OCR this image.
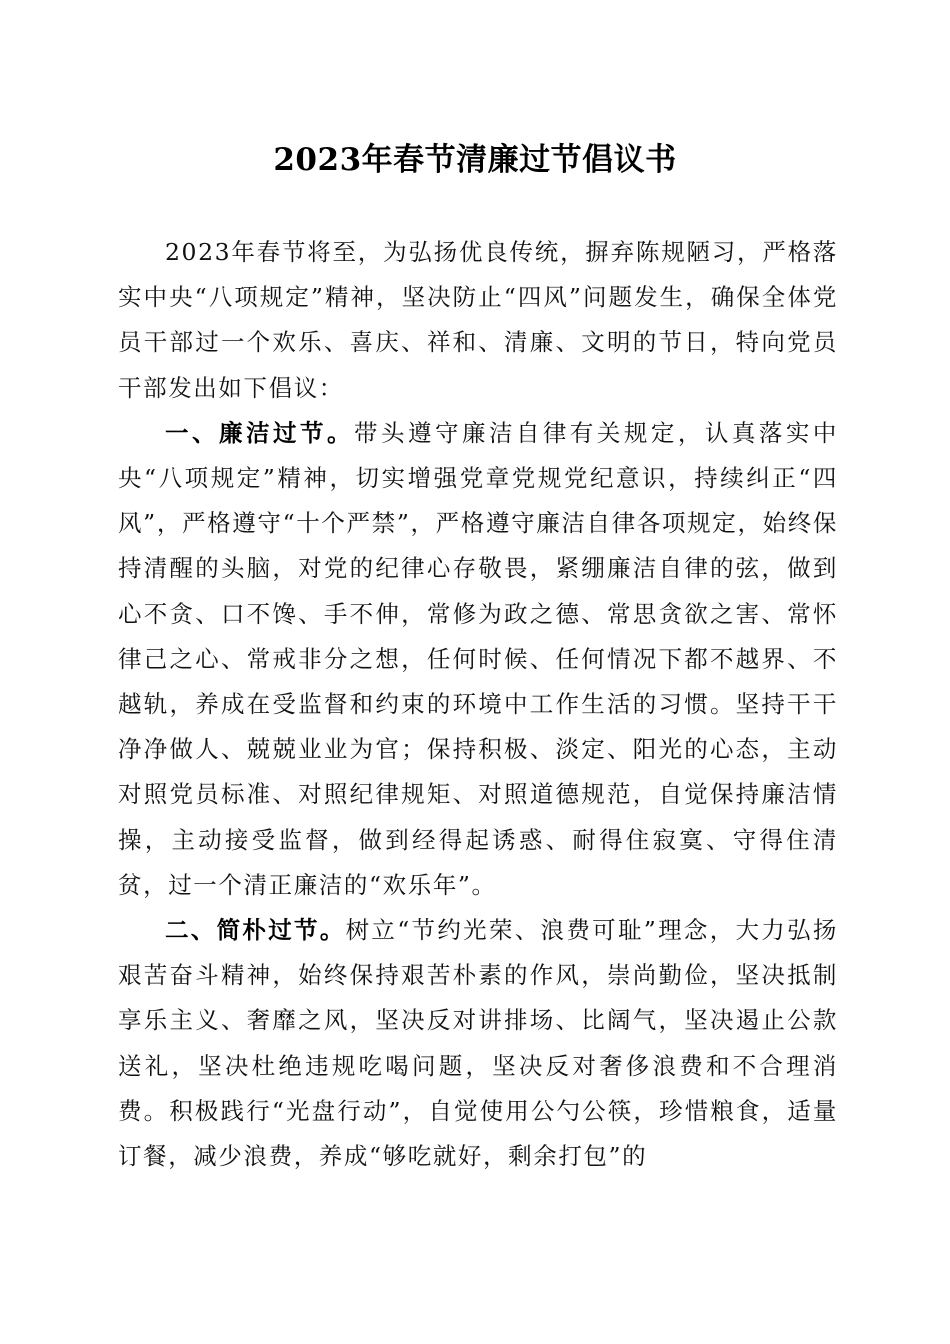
2023年春节清廉过节倡议书

2023年春节将至，为弘扬优良传统，摒弃陈规陋习，严格落实中央“八项规定”精神，坚决防止“四风”问题发生，确保全体党员干部过一个欢乐、喜庆、祥和、清廉、文明的节日，特向党员干部发出如下倡议：

一、廉洁过节。带头遵守廉洁自律有关规定，认真落实中央“八项规定”精神，切实增强党章党规党纪意识，持续纠正“四风”，严格遵守“十个严禁”，严格遵守廉洁自律各项规定，始终保持清醒的头脑，对党的纪律心存敬畏，紧绷廉洁自律的弦，做到心不贪、口不馋、手不伸，常修为政之德、常思贪欲之害、常怀律己之心、常戒非分之想，任何时候、任何情况下都不越界、不越轨，养成在受监督和约束的环境中工作生活的习惯。坚持干干净净做人、兢兢业业为官；保持积极、淡定、阳光的心态，主动对照党员标准、对照纪律规矩、对照道德规范，自觉保持廉洁情操，主动接受监督，做到经得起诱惑、耐得住寂寞、守得住清贫，过一个清正廉洁的“欢乐年”。

二、简朴过节。树立“节约光荣、浪费可耻”理念，大力弘扬艰苦奋斗精神，始终保持艰苦朴素的作风，崇尚勤俭，坚决抵制享乐主义、奢靡之风，坚决反对讲排场、比阔气，坚决遏止公款送礼，坚决杜绝违规吃喝问题，坚决反对奢侈浪费和不合理消费。积极践行“光盘行动”，自觉使用公勺公筷，珍惜粮食，适量订餐，减少浪费，养成“够吃就好，剩余打包”的
